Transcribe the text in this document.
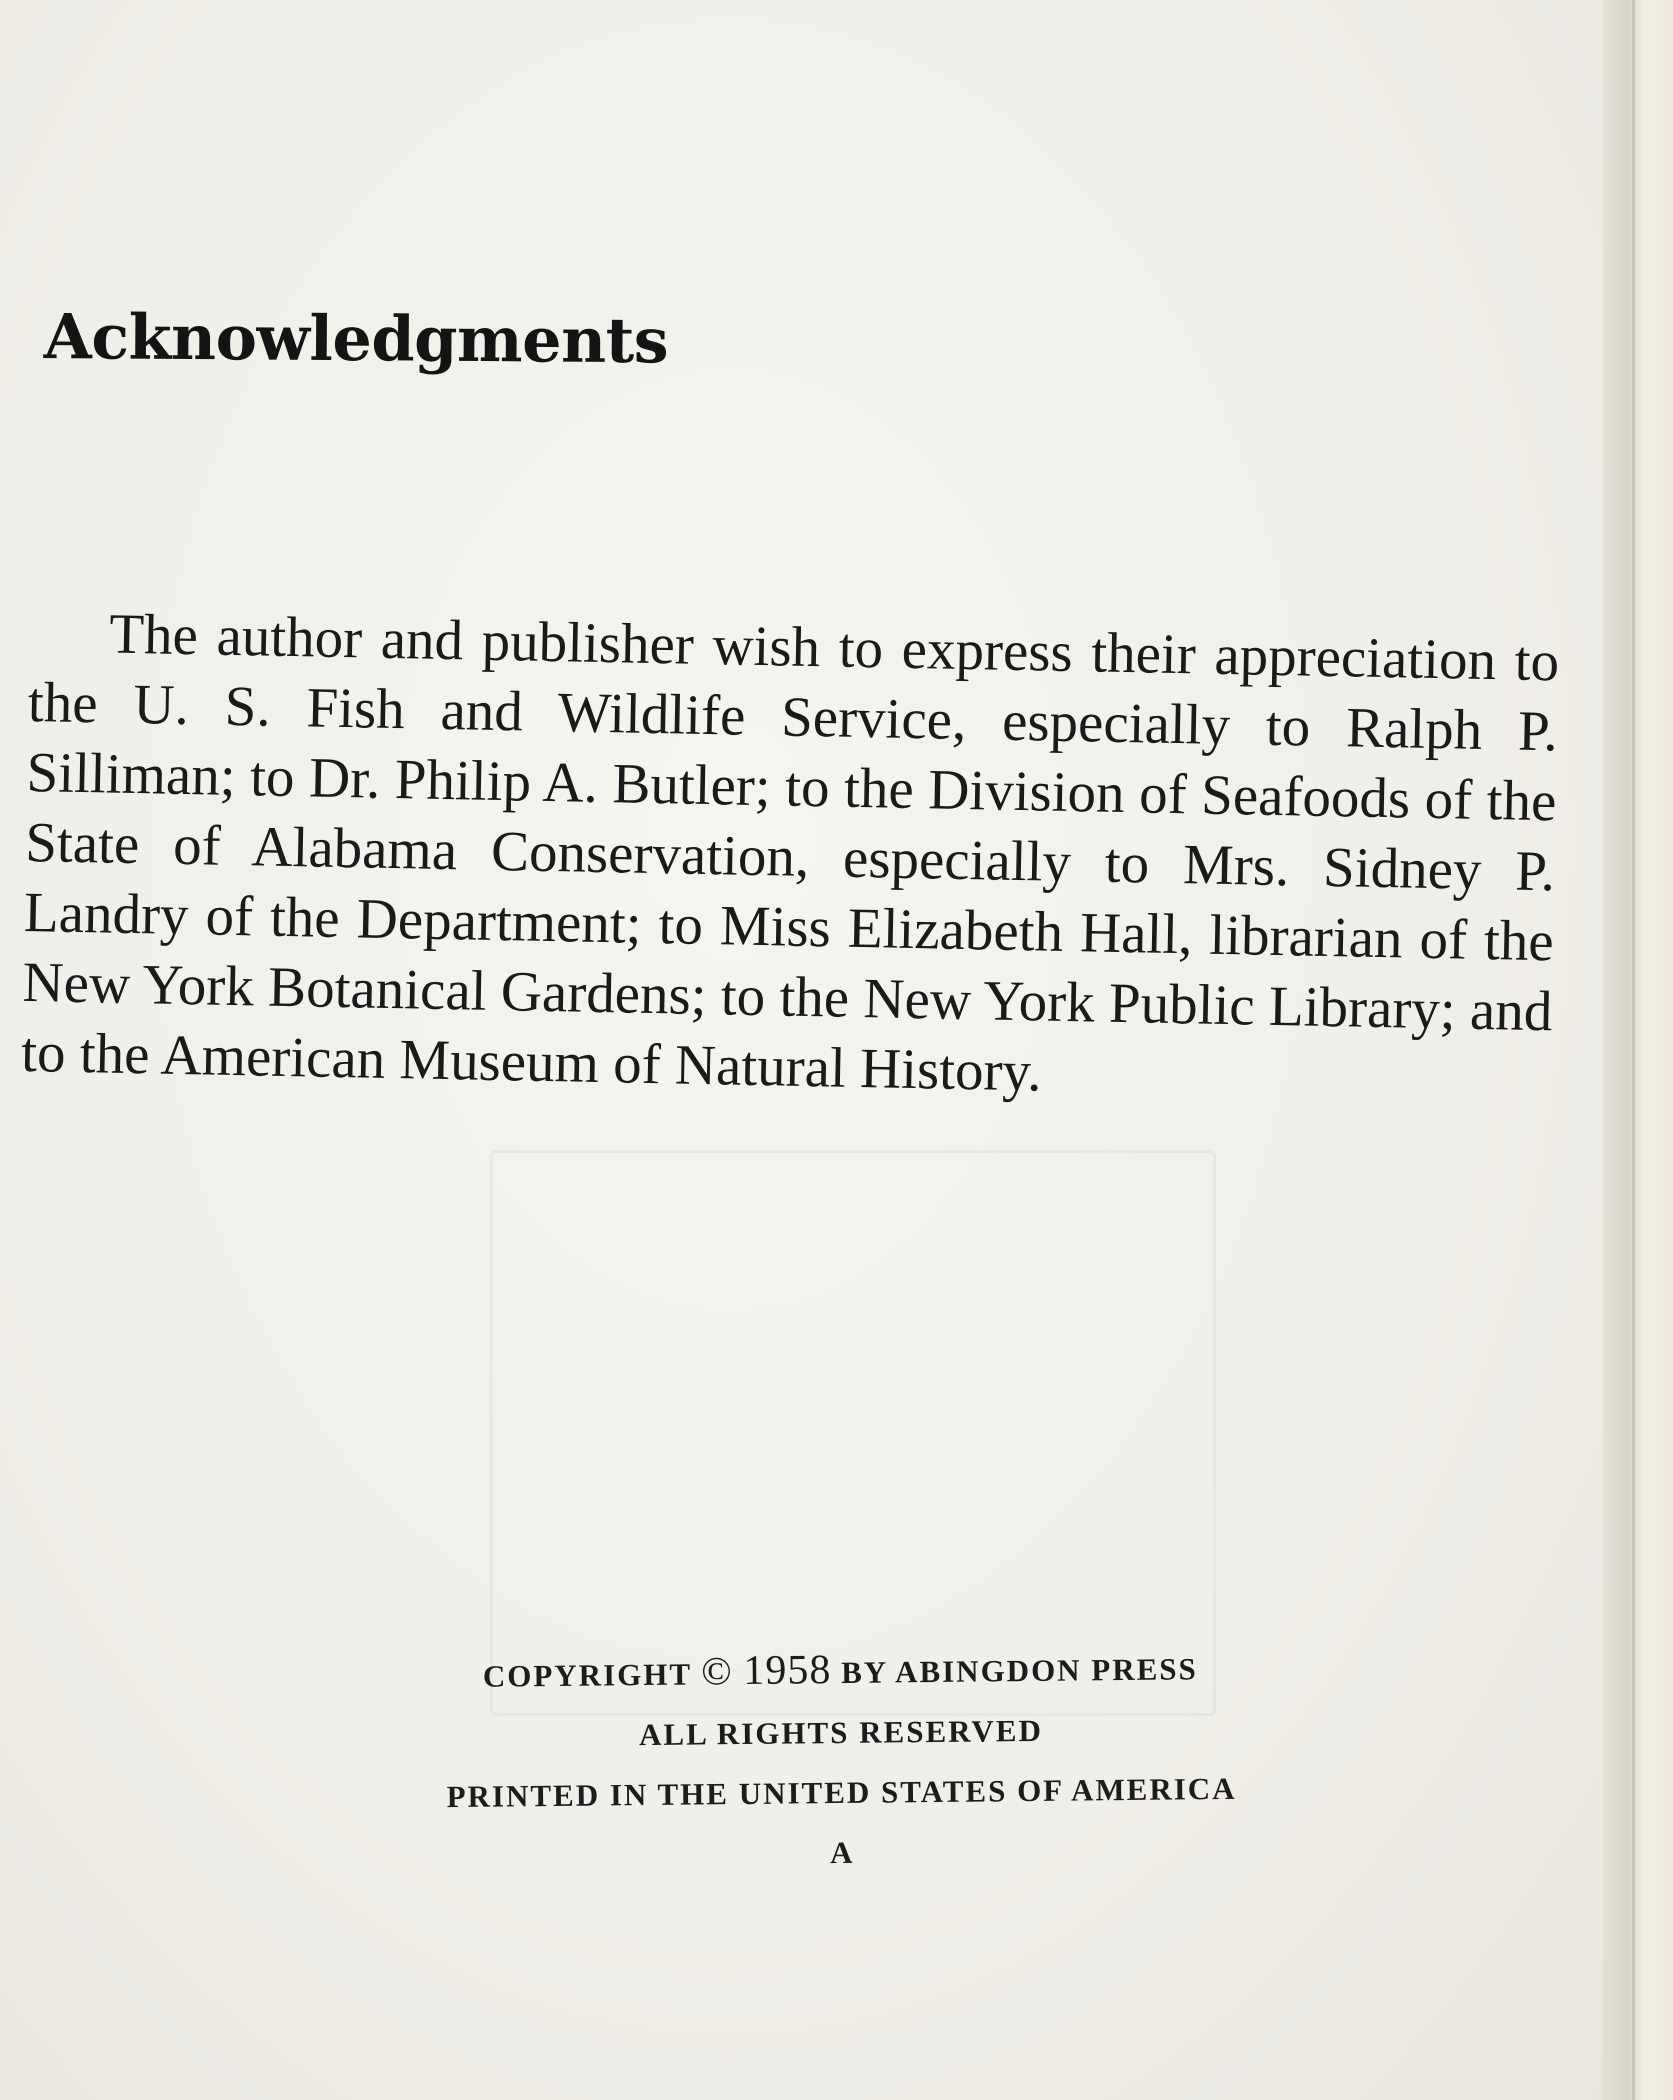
Acknowledgments

The author and publisher wish to express their appreciation to the U. S. Fish and Wildlife Service, especially to Ralph P. Silliman; to Dr. Philip A. Butler; to the Division of Seafoods of the State of Alabama Conservation, especially to Mrs. Sidney P. Landry of the Department; to Miss Elizabeth Hall, librarian of the New York Botanical Gardens; to the New York Public Library; and to the American Museum of Natural History.

COPYRIGHT © 1958 BY ABINGDON PRESS
ALL RIGHTS RESERVED
PRINTED IN THE UNITED STATES OF AMERICA
A
